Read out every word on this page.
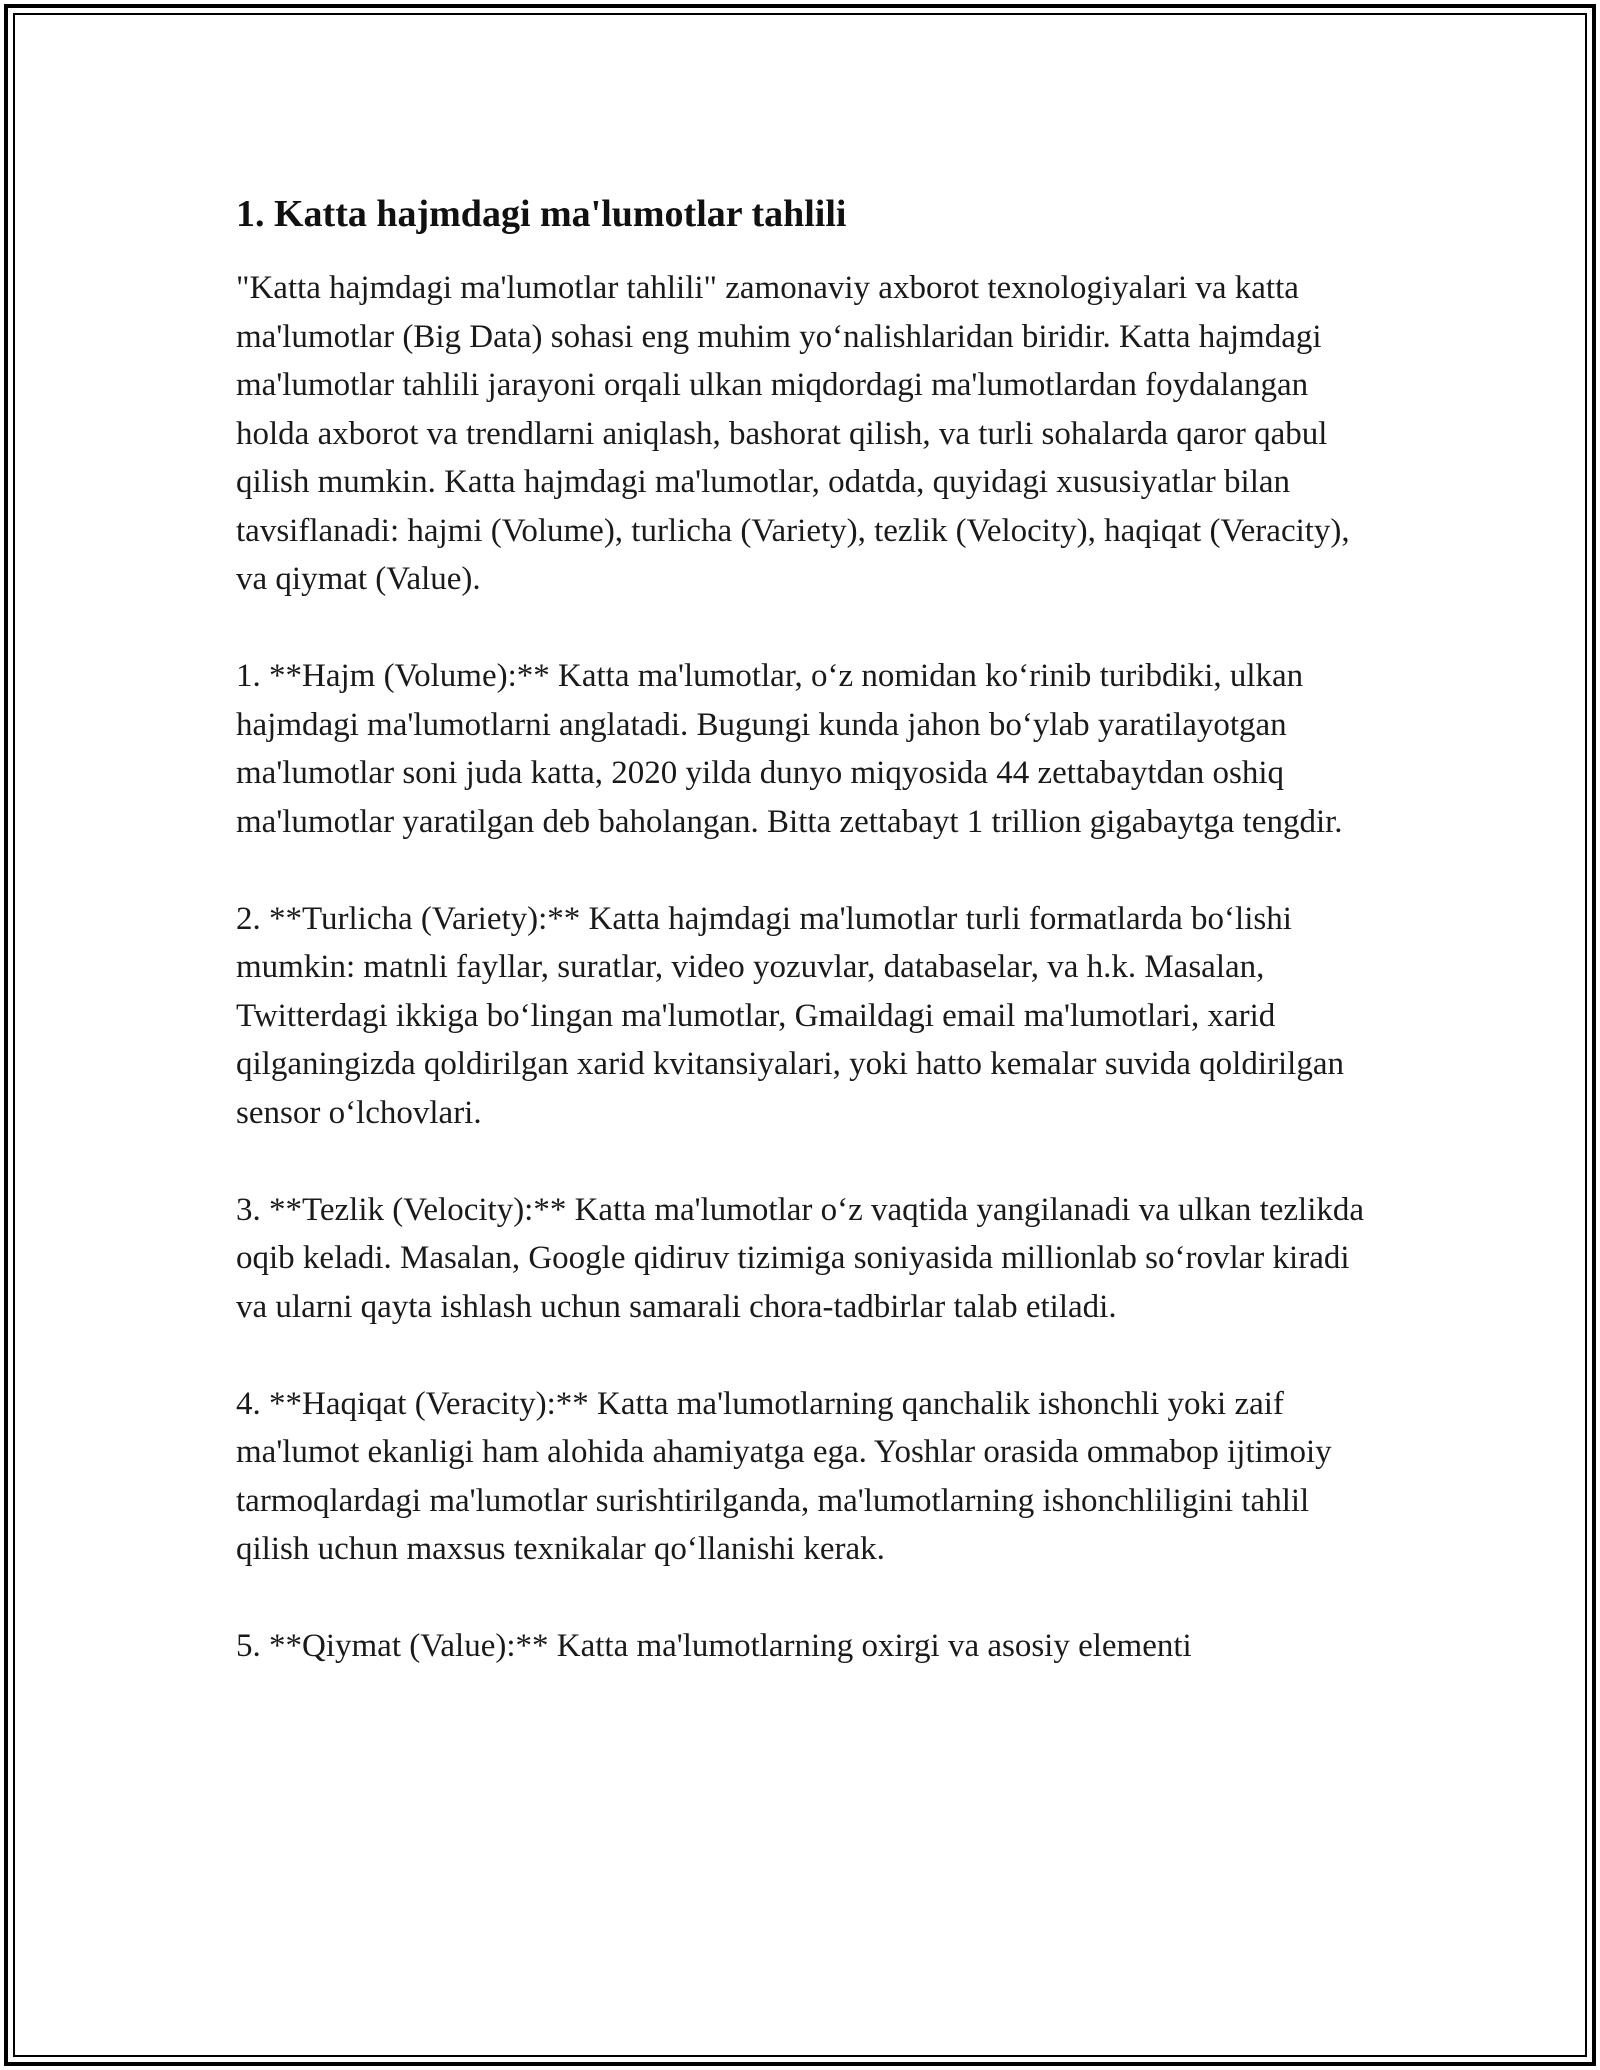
1. Katta hajmdagi ma'lumotlar tahlili

"Katta hajmdagi ma'lumotlar tahlili" zamonaviy axborot texnologiyalari va katta ma'lumotlar (Big Data) sohasi eng muhim yo‘nalishlaridan biridir. Katta hajmdagi ma'lumotlar tahlili jarayoni orqali ulkan miqdordagi ma'lumotlardan foydalangan holda axborot va trendlarni aniqlash, bashorat qilish, va turli sohalarda qaror qabul qilish mumkin. Katta hajmdagi ma'lumotlar, odatda, quyidagi xususiyatlar bilan tavsiflanadi: hajmi (Volume), turlicha (Variety), tezlik (Velocity), haqiqat (Veracity), va qiymat (Value).

1. **Hajm (Volume):** Katta ma'lumotlar, o‘z nomidan ko‘rinib turibdiki, ulkan hajmdagi ma'lumotlarni anglatadi. Bugungi kunda jahon bo‘ylab yaratilayotgan ma'lumotlar soni juda katta, 2020 yilda dunyo miqyosida 44 zettabaytdan oshiq ma'lumotlar yaratilgan deb baholangan. Bitta zettabayt 1 trillion gigabaytga tengdir.

2. **Turlicha (Variety):** Katta hajmdagi ma'lumotlar turli formatlarda bo‘lishi mumkin: matnli fayllar, suratlar, video yozuvlar, databaselar, va h.k. Masalan, Twitterdagi ikkiga bo‘lingan ma'lumotlar, Gmaildagi email ma'lumotlari, xarid qilganingizda qoldirilgan xarid kvitansiyalari, yoki hatto kemalar suvida qoldirilgan sensor o‘lchovlari.

3. **Tezlik (Velocity):** Katta ma'lumotlar o‘z vaqtida yangilanadi va ulkan tezlikda oqib keladi. Masalan, Google qidiruv tizimiga soniyasida millionlab so‘rovlar kiradi va ularni qayta ishlash uchun samarali chora-tadbirlar talab etiladi.

4. **Haqiqat (Veracity):** Katta ma'lumotlarning qanchalik ishonchli yoki zaif ma'lumot ekanligi ham alohida ahamiyatga ega. Yoshlar orasida ommabop ijtimoiy tarmoqlardagi ma'lumotlar surishtirilganda, ma'lumotlarning ishonchliligini tahlil qilish uchun maxsus texnikalar qo‘llanishi kerak.

5. **Qiymat (Value):** Katta ma'lumotlarning oxirgi va asosiy elementi
